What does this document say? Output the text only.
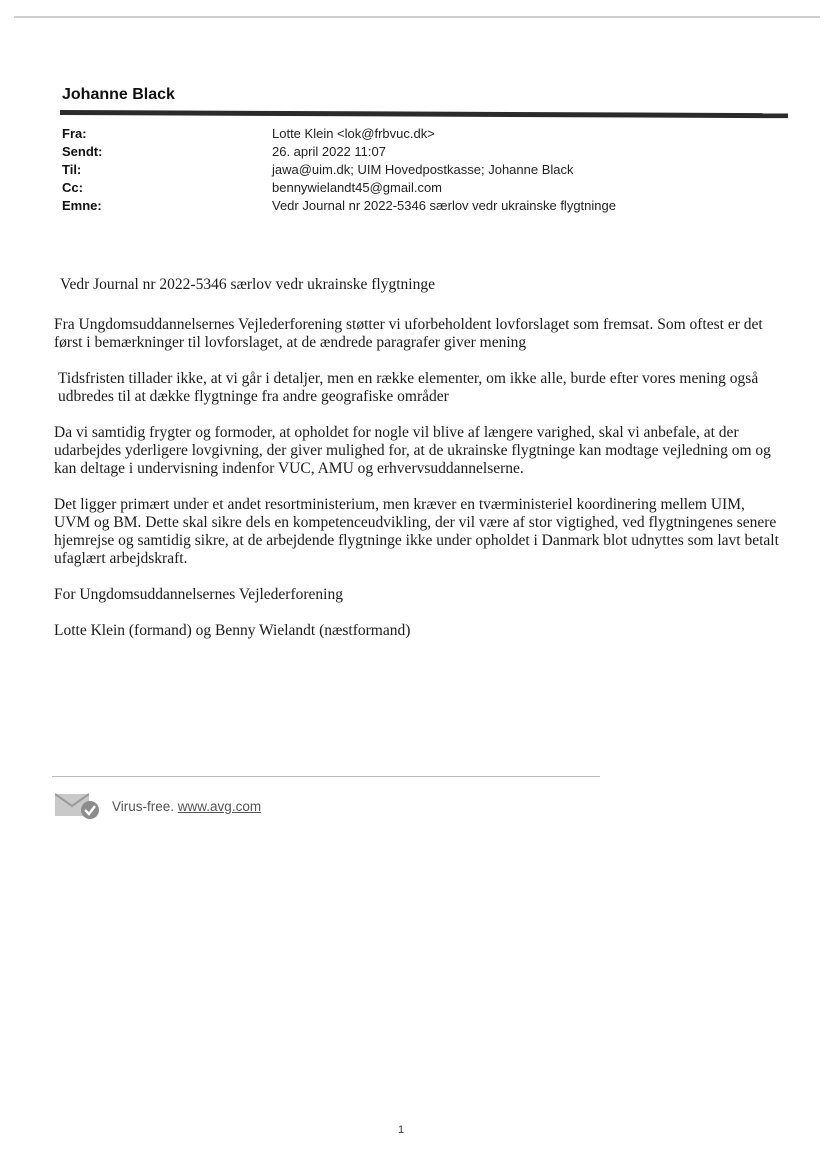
Johanne Black
Fra:	Lotte Klein <lok@frbvuc.dk>
Sendt:	26. april 2022 11:07
Til:	jawa@uim.dk; UIM Hovedpostkasse; Johanne Black
Cc:	bennywielandt45@gmail.com
Emne:	Vedr Journal nr 2022-5346 særlov vedr ukrainske flygtninge

Vedr Journal nr 2022-5346 særlov vedr ukrainske flygtninge

Fra Ungdomsuddannelsernes Vejlederforening støtter vi uforbeholdent lovforslaget som fremsat. Som oftest er det først i bemærkninger til lovforslaget, at de ændrede paragrafer giver mening

Tidsfristen tillader ikke, at vi går i detaljer, men en række elementer, om ikke alle, burde efter vores mening også udbredes til at dække flygtninge fra andre geografiske områder

Da vi samtidig frygter og formoder, at opholdet for nogle vil blive af længere varighed, skal vi anbefale, at der udarbejdes yderligere lovgivning, der giver mulighed for, at de ukrainske flygtninge kan modtage vejledning om og kan deltage i undervisning indenfor VUC, AMU og erhvervsuddannelserne.

Det ligger primært under et andet resortministerium, men kræver en tværministeriel koordinering mellem UIM, UVM og BM. Dette skal sikre dels en kompetenceudvikling, der vil være af stor vigtighed, ved flygtningenes senere hjemrejse og samtidig sikre, at de arbejdende flygtninge ikke under opholdet i Danmark blot udnyttes som lavt betalt ufaglært arbejdskraft.

For Ungdomsuddannelsernes Vejlederforening

Lotte Klein (formand) og Benny Wielandt (næstformand)

Virus-free. www.avg.com
1
